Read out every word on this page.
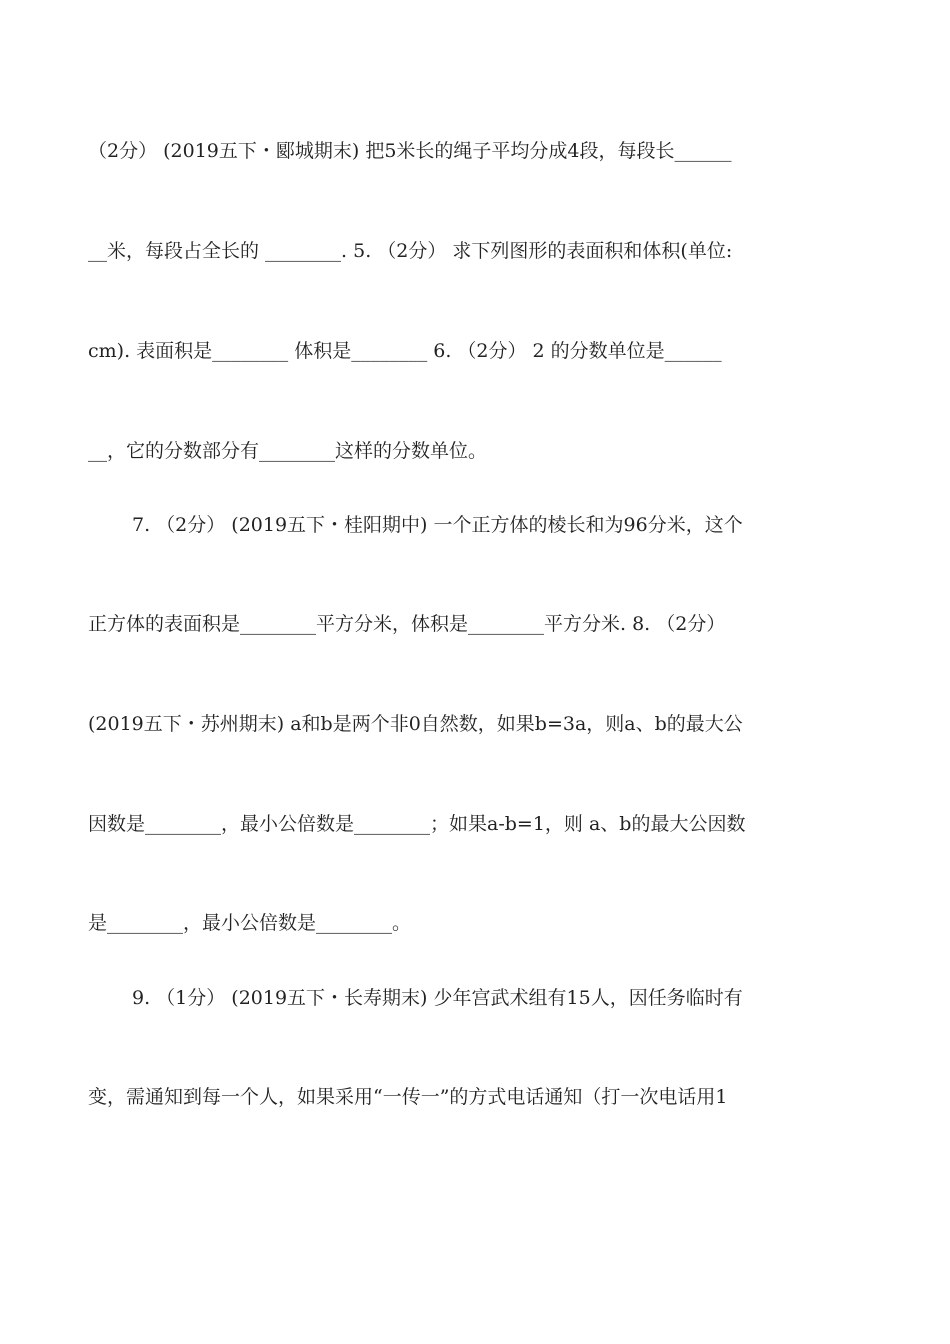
（2分） (2019五下・郾城期末) 把5米长的绳子平均分成4段，每段长______
__米，每段占全长的 ________. 5. （2分） 求下列图形的表面积和体积(单位:
cm). 表面积是________ 体积是________ 6. （2分） 2 的分数单位是______
__，它的分数部分有________这样的分数单位。
7. （2分） (2019五下・桂阳期中) 一个正方体的棱长和为96分米，这个
正方体的表面积是________平方分米，体积是________平方分米. 8. （2分）
(2019五下・苏州期末) a和b是两个非0自然数，如果b=3a，则a、b的最大公
因数是________，最小公倍数是________；如果a-b=1，则 a、b的最大公因数
是________，最小公倍数是________。
9. （1分） (2019五下・长寿期末) 少年宫武术组有15人，因任务临时有
变，需通知到每一个人，如果采用“一传一”的方式电话通知（打一次电话用1
